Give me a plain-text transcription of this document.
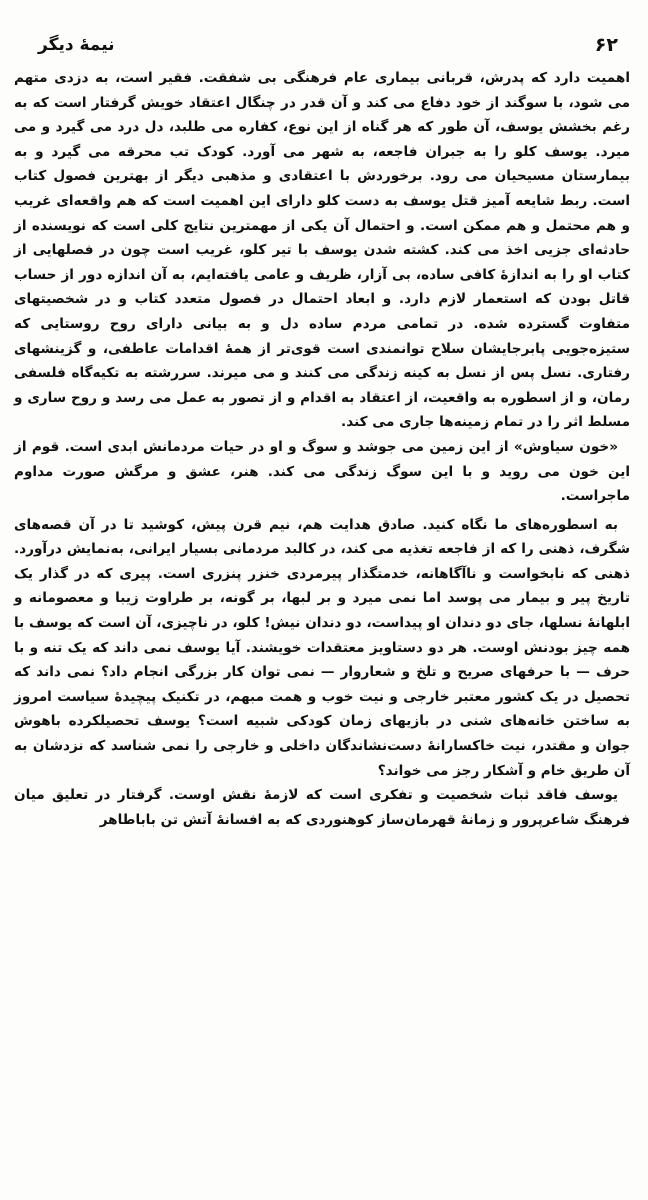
۶۲
نیمهٔ دیگر

اهمیت دارد که پدرش، قربانی بیماری عام فرهنگی بی شفقت. فقیر است، به دزدی متهم می شود، با سوگند از خود دفاع می کند و آن قدر در چنگال اعتقاد خویش گرفتار است که به رغم بخشش یوسف، آن طور که هر گناه از این نوع، کفاره می طلبد، دل درد می گیرد و می میرد. یوسف کلو را به جبران فاجعه، به شهر می آورد. کودک تب محرقه می گیرد و به بیمارستان مسیحیان می رود. برخوردش با اعتقادی و مذهبی دیگر از بهترین فصول کتاب است. ربط شایعه آمیز قتل یوسف به دست کلو دارای این اهمیت است که هم واقعه‌ای غریب و هم محتمل و هم ممکن است. و احتمال آن یکی از مهمترین نتایج کلی است که نویسنده از حادثه‌ای جزیی اخذ می کند. کشته شدن یوسف با تیر کلو، غریب است چون در فصلهایی از کتاب او را به اندازهٔ کافی ساده، بی آزار، ظریف و عامی یافته‌ایم، به آن اندازه دور از حساب قاتل بودن که استعمار لازم دارد. و ابعاد احتمال در فصول متعدد کتاب و در شخصیتهای متفاوت گسترده شده. در تمامی مردم ساده دل و به بیانی دارای روح روستایی که ستیزه‌جویی پابرجایشان سلاح توانمندی است قوی‌تر از همهٔ اقدامات عاطفی، و گزینشهای رفتاری. نسل پس از نسل به کینه زندگی می کنند و می میرند. سررشته به تکیه‌گاه فلسفی رمان، و از اسطوره به واقعیت، از اعتقاد به اقدام و از تصور به عمل می رسد و روح ساری و مسلط اثر را در تمام زمینه‌ها جاری می کند.

«خون سیاوش» از این زمین می جوشد و سوگ و او در حیات مردمانش ابدی است. قوم از این خون می روید و با این سوگ زندگی می کند. هنر، عشق و مرگش صورت مداوم ماجراست.

به اسطوره‌های ما نگاه کنید. صادق هدایت هم، نیم قرن پیش، کوشید تا در آن قصه‌های شگرف، ذهنی را که از فاجعه تغذیه می کند، در کالبد مردمانی بسیار ایرانی، به‌نمایش درآورد. ذهنی که نابخواست و ناآگاهانه، خدمتگذار پیرمردی خنزر پنزری است. پیری که در گذار یک تاریخ پیر و بیمار می پوسد اما نمی میرد و بر لبها، بر گونه، بر طراوت زیبا و معصومانه و ابلهانهٔ نسلها، جای دو دندان او پیداست، دو دندان نیش! کلو، در ناچیزی، آن است که یوسف با همه چیز بودنش اوست. هر دو دستاویز معتقدات خویشند. آیا یوسف نمی داند که یک تنه و با حرف — با حرفهای صریح و تلخ و شعاروار — نمی توان کار بزرگی انجام داد؟ نمی داند که تحصیل در یک کشور معتبر خارجی و نیت خوب و همت مبهم، در تکنیک پیچیدهٔ سیاست امروز به ساختن خانه‌های شنی در بازیهای زمان کودکی شبیه است؟ یوسف تحصیلکرده باهوش جوان و مقتدر، نیت خاکسارانهٔ دست‌نشاندگان داخلی و خارجی را نمی شناسد که نزدشان به آن طریق خام و آشکار رجز می خواند؟

یوسف فاقد ثبات شخصیت و تفکری است که لازمهٔ نقش اوست. گرفتار در تعلیق میان فرهنگ شاعرپرور و زمانهٔ قهرمان‌ساز کوهنوردی که به افسانهٔ آتش تن باباطاهر
